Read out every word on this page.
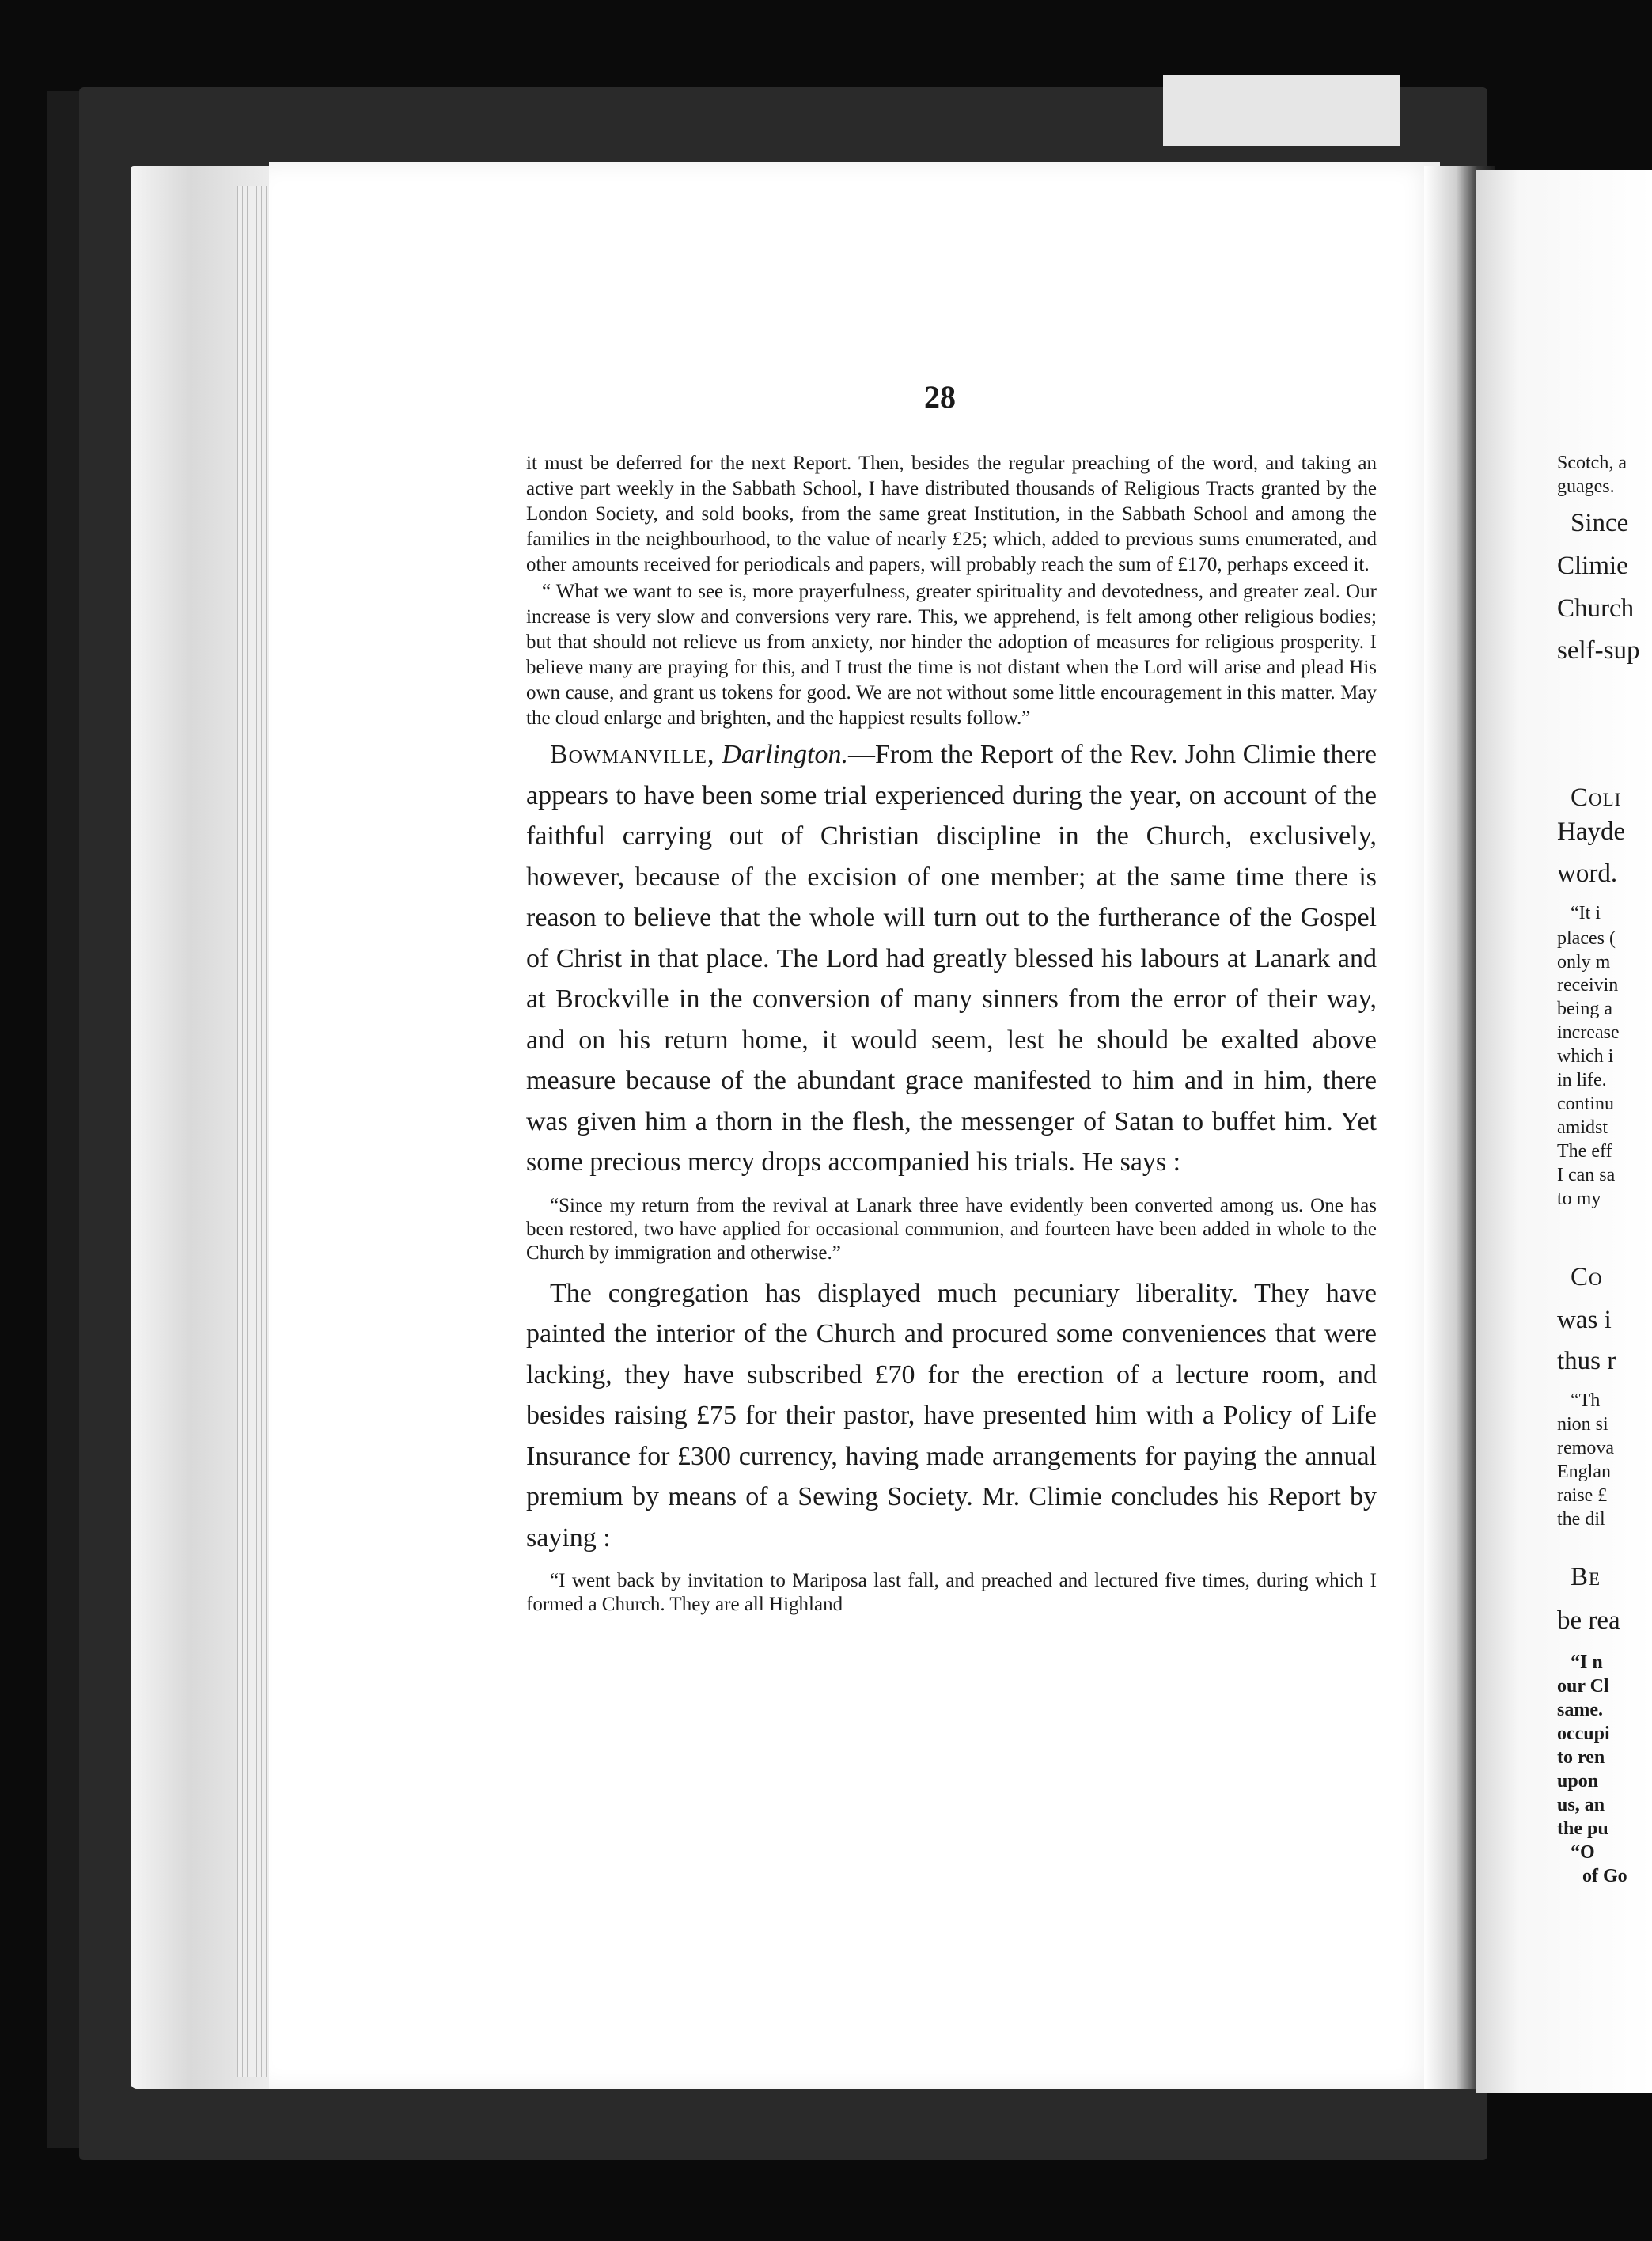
28

it must be deferred for the next Report. Then, besides the regular preaching of the word, and taking an active part weekly in the Sabbath School, I have distributed thousands of Religious Tracts granted by the London Society, and sold books, from the same great Institution, in the Sabbath School and among the families in the neighbourhood, to the value of nearly £25; which, added to previous sums enumerated, and other amounts received for periodicals and papers, will probably reach the sum of £170, perhaps exceed it.

“ What we want to see is, more prayerfulness, greater spirituality and devotedness, and greater zeal. Our increase is very slow and conversions very rare. This, we apprehend, is felt among other religious bodies; but that should not relieve us from anxiety, nor hinder the adoption of measures for religious prosperity. I believe many are praying for this, and I trust the time is not distant when the Lord will arise and plead His own cause, and grant us tokens for good. We are not without some little encouragement in this matter. May the cloud enlarge and brighten, and the happiest results follow.”

Bowmanville, Darlington.—From the Report of the Rev. John Climie there appears to have been some trial experienced during the year, on account of the faithful carrying out of Christian discipline in the Church, exclusively, however, because of the excision of one member; at the same time there is reason to believe that the whole will turn out to the furtherance of the Gospel of Christ in that place. The Lord had greatly blessed his labours at Lanark and at Brockville in the conversion of many sinners from the error of their way, and on his return home, it would seem, lest he should be exalted above measure because of the abundant grace manifested to him and in him, there was given him a thorn in the flesh, the messenger of Satan to buffet him. Yet some precious mercy drops accompanied his trials. He says :

“Since my return from the revival at Lanark three have evidently been converted among us. One has been restored, two have applied for occasional communion, and fourteen have been added in whole to the Church by immigration and otherwise.”

The congregation has displayed much pecuniary liberality. They have painted the interior of the Church and procured some conveniences that were lacking, they have subscribed £70 for the erection of a lecture room, and besides raising £75 for their pastor, have presented him with a Policy of Life Insurance for £300 currency, having made arrangements for paying the annual premium by means of a Sewing Society. Mr. Climie concludes his Report by saying :

“I went back by invitation to Mariposa last fall, and preached and lectured five times, during which I formed a Church. They are all Highland

Scotch, a
guages.
Since
Climie
Church
self-sup
Coli
Hayde
word.
“It i
places (
only m
receivin
being a
increase
which i
in life.
continu
amidst
The eff
I can sa
to my
Co
was i
thus r
“Th
nion si
remova
Englan
raise £
the dil
Be
be rea
“I n
our Cl
same.
occupi
to ren
upon
us, an
the pu
“O
of Go
